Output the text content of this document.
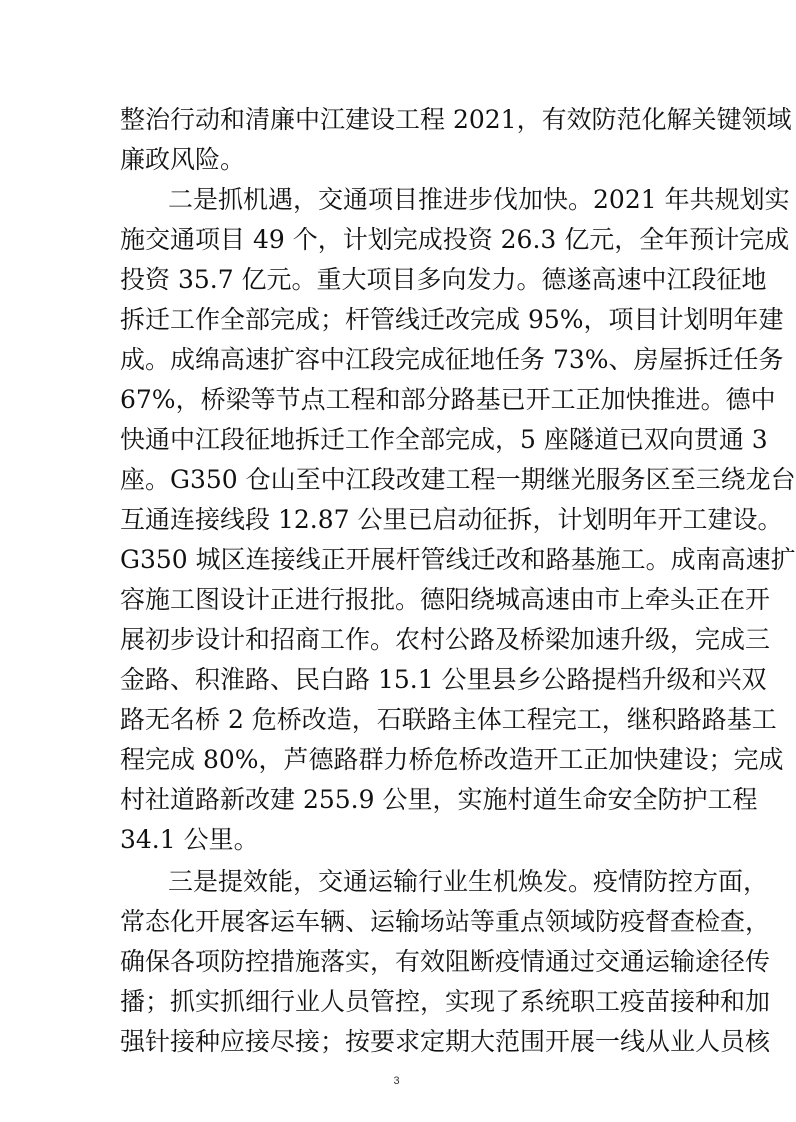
整治行动和清廉中江建设工程 2021，有效防范化解关键领域
廉政风险。
二是抓机遇，交通项目推进步伐加快。2021 年共规划实
施交通项目 49 个，计划完成投资 26.3 亿元，全年预计完成
投资 35.7 亿元。重大项目多向发力。德遂高速中江段征地
拆迁工作全部完成；杆管线迁改完成 95%，项目计划明年建
成。成绵高速扩容中江段完成征地任务 73%、房屋拆迁任务
67%，桥梁等节点工程和部分路基已开工正加快推进。德中
快通中江段征地拆迁工作全部完成，5 座隧道已双向贯通 3
座。G350 仓山至中江段改建工程一期继光服务区至三绕龙台
互通连接线段 12.87 公里已启动征拆，计划明年开工建设。
G350 城区连接线正开展杆管线迁改和路基施工。成南高速扩
容施工图设计正进行报批。德阳绕城高速由市上牵头正在开
展初步设计和招商工作。农村公路及桥梁加速升级，完成三
金路、积淮路、民白路 15.1 公里县乡公路提档升级和兴双
路无名桥 2 危桥改造，石联路主体工程完工，继积路路基工
程完成 80%，芦德路群力桥危桥改造开工正加快建设；完成
村社道路新改建 255.9 公里，实施村道生命安全防护工程
34.1 公里。
三是提效能，交通运输行业生机焕发。疫情防控方面，
常态化开展客运车辆、运输场站等重点领域防疫督查检查，
确保各项防控措施落实，有效阻断疫情通过交通运输途径传
播；抓实抓细行业人员管控，实现了系统职工疫苗接种和加
强针接种应接尽接；按要求定期大范围开展一线从业人员核
3
